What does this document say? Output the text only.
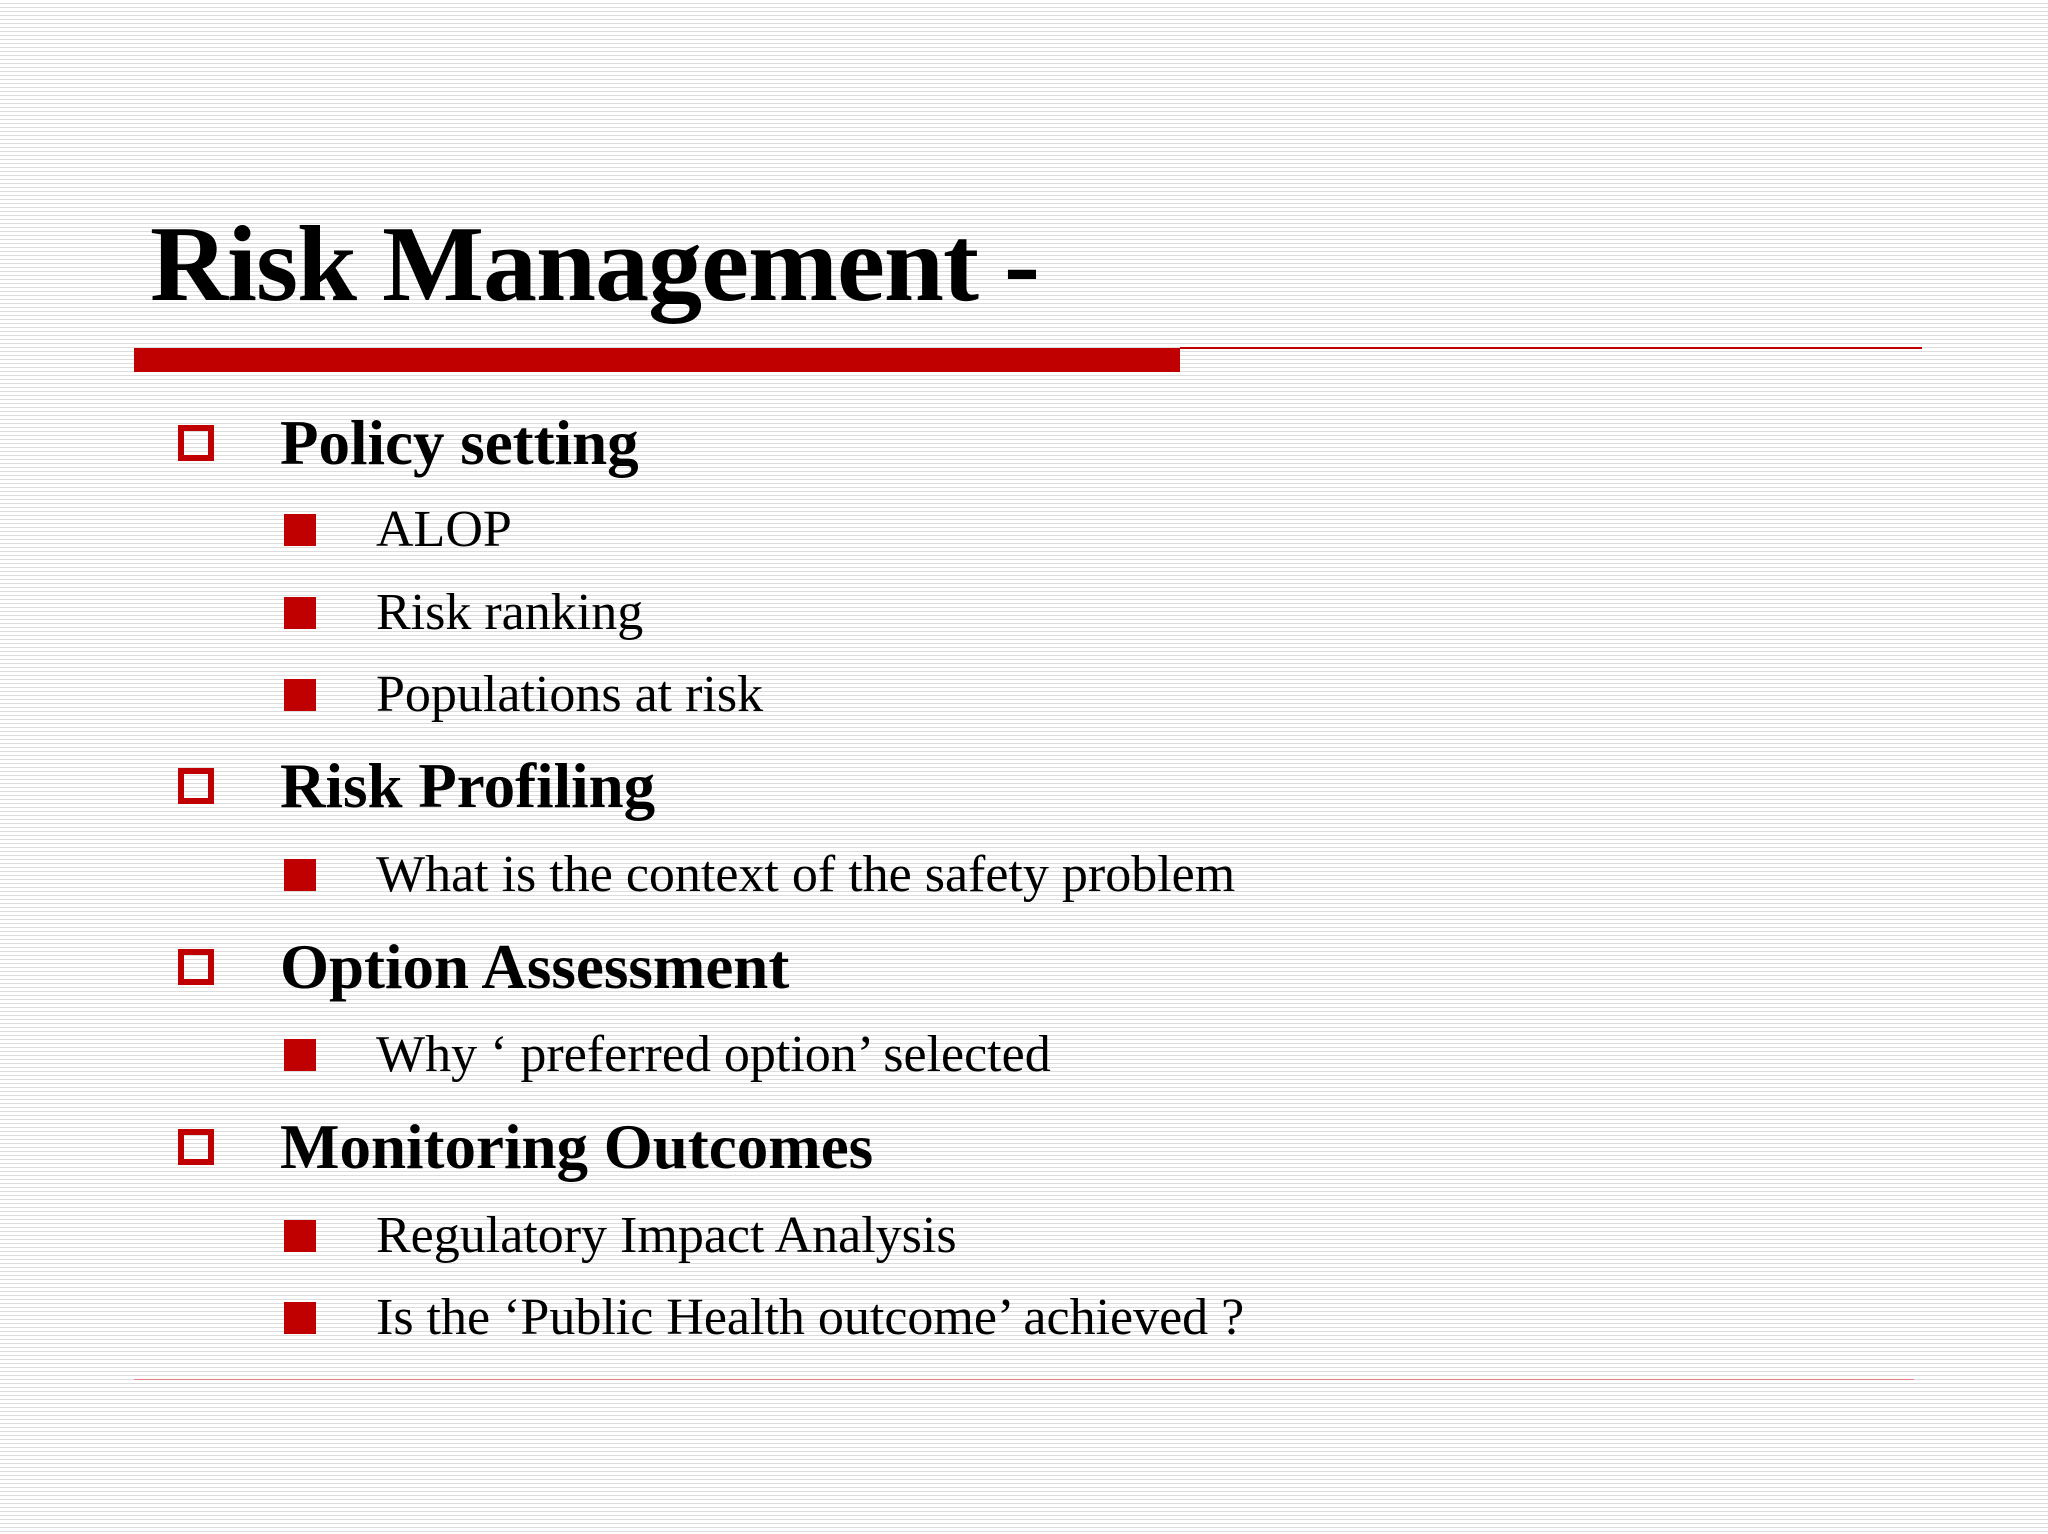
Risk Management -
Policy setting
ALOP
Risk ranking
Populations at risk
Risk Profiling
What is the context of the safety problem
Option Assessment
Why ‘ preferred option’ selected
Monitoring Outcomes
Regulatory Impact Analysis
Is the ‘Public Health outcome’ achieved ?
